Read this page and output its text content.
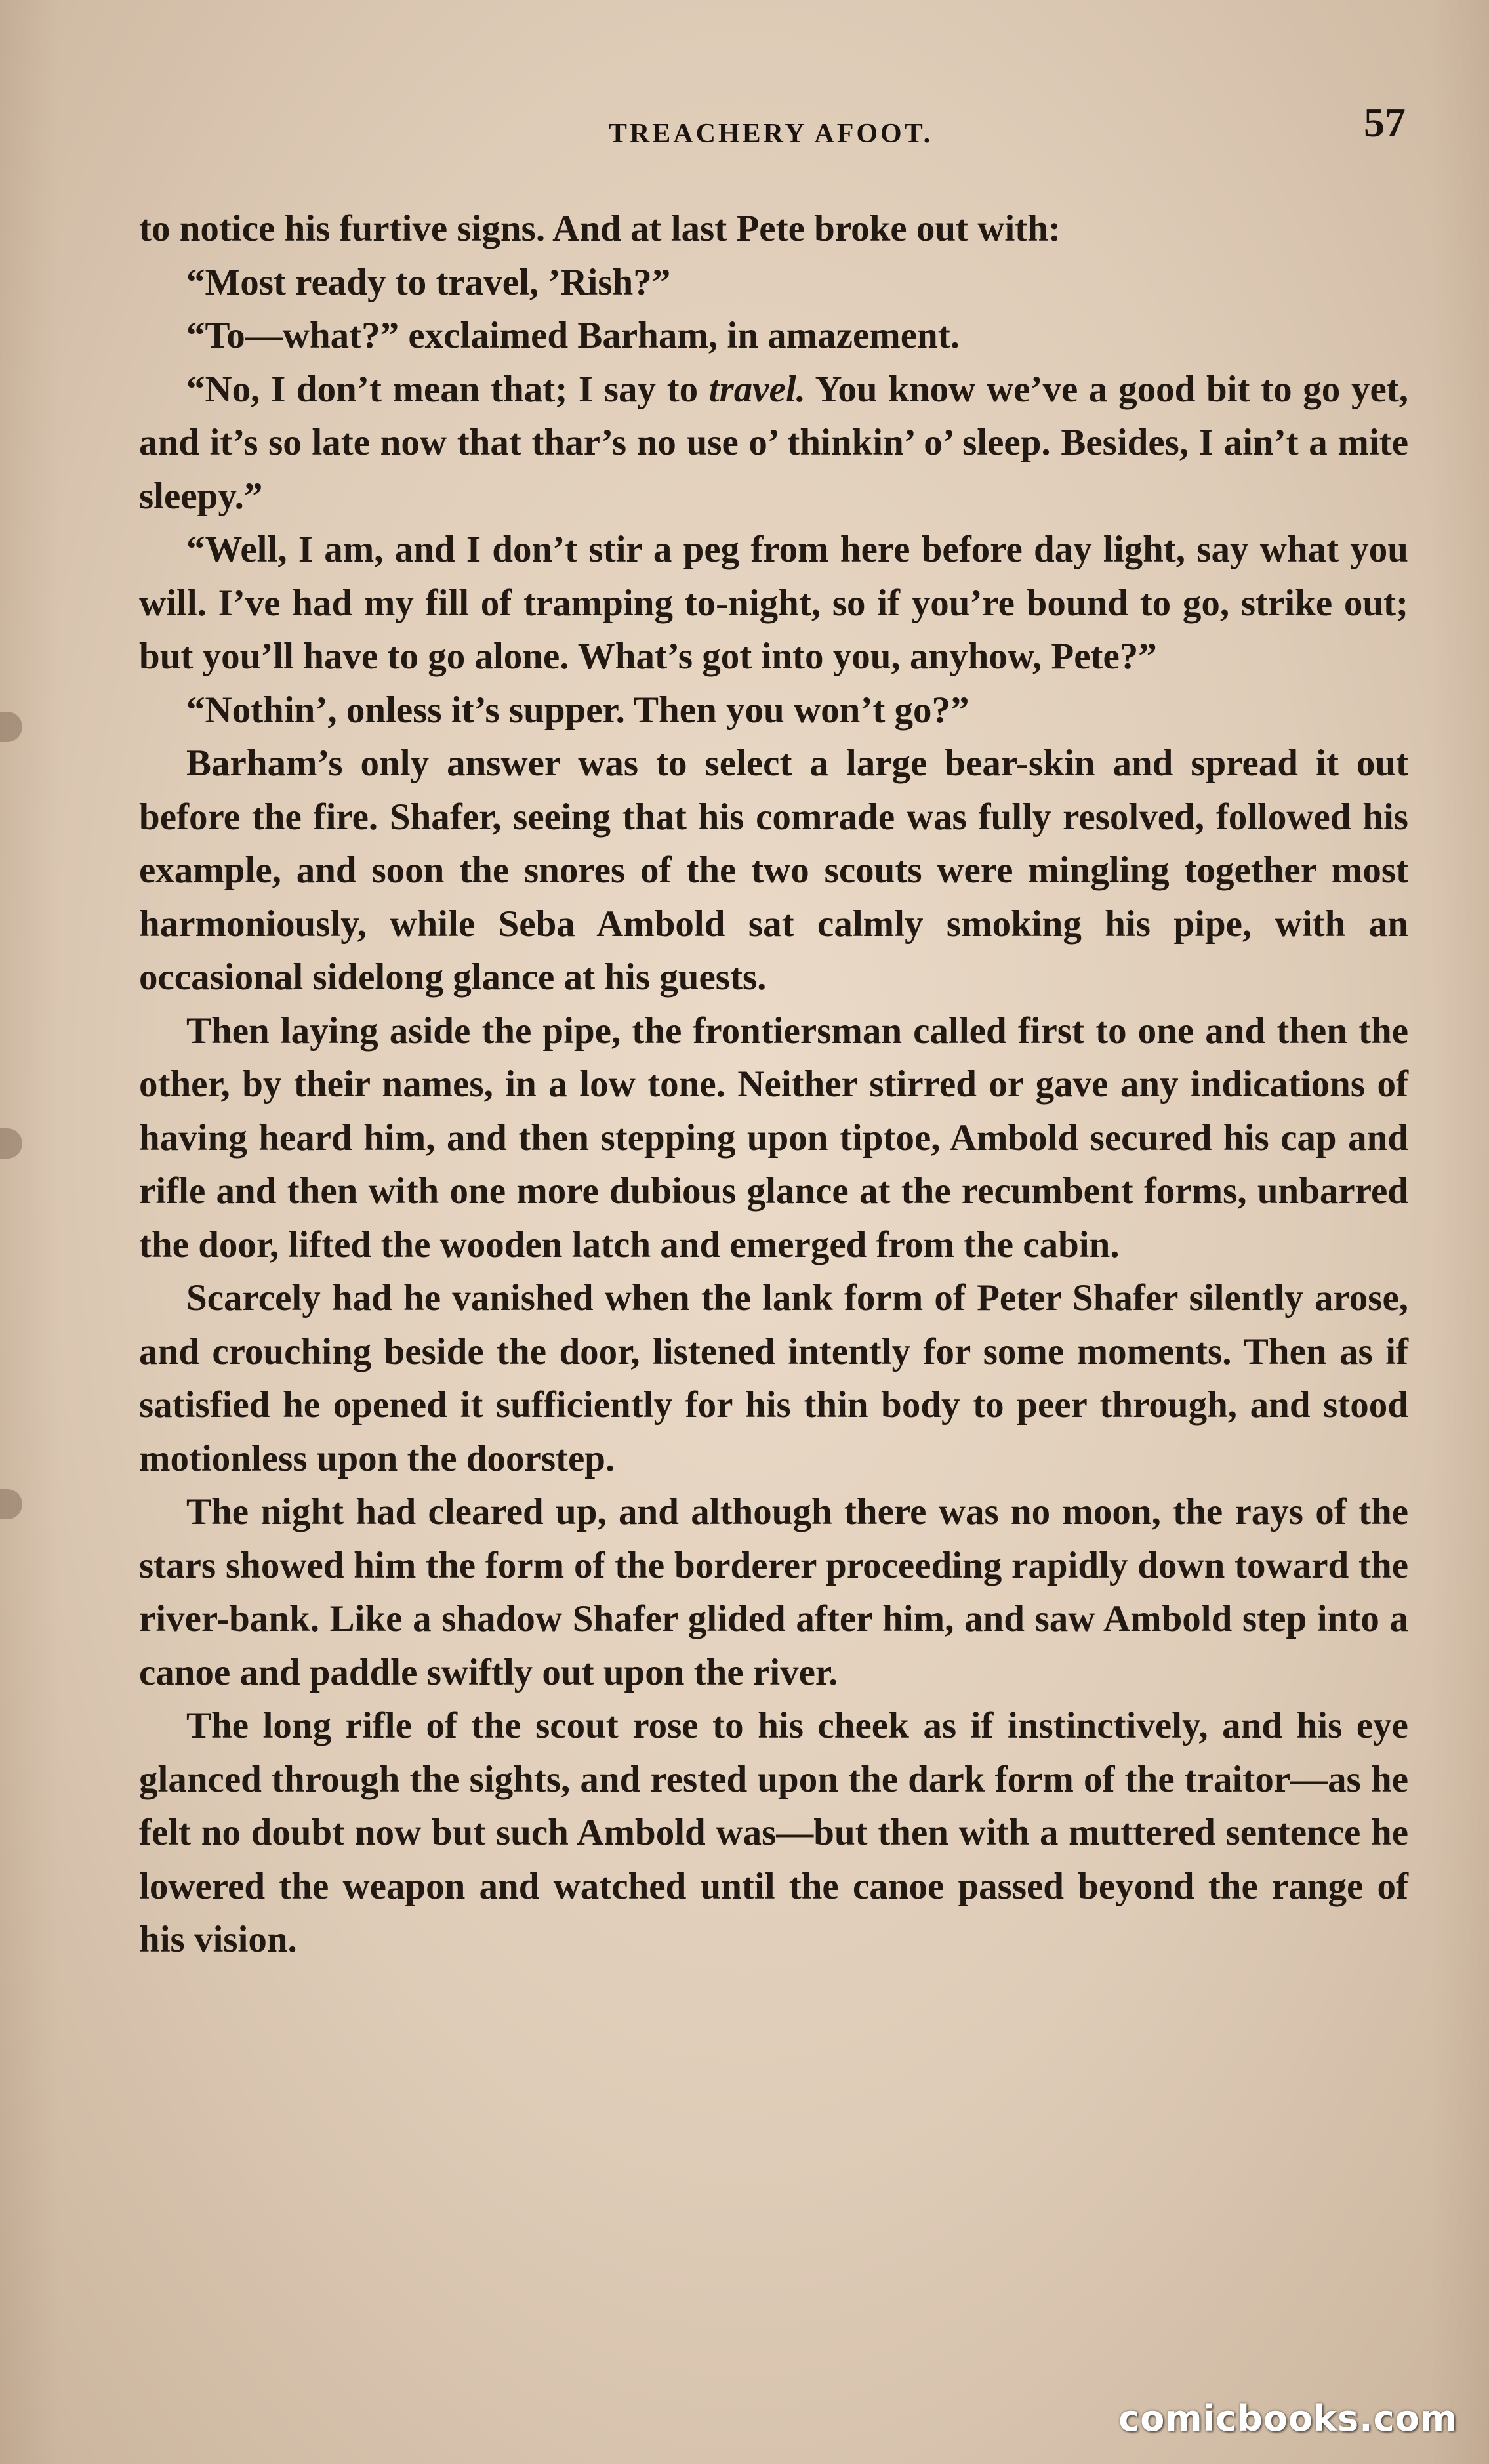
TREACHERY AFOOT.	57

to notice his furtive signs. And at last Pete broke out with:

“Most ready to travel, ’Rish?”

“To—what?” exclaimed Barham, in amazement.

“No, I don’t mean that; I say to travel. You know we’ve a good bit to go yet, and it’s so late now that thar’s no use o’ thinkin’ o’ sleep. Besides, I ain’t a mite sleepy.”

“Well, I am, and I don’t stir a peg from here before day light, say what you will. I’ve had my fill of tramping to-night, so if you’re bound to go, strike out; but you’ll have to go alone. What’s got into you, anyhow, Pete?”

“Nothin’, onless it’s supper. Then you won’t go?”

Barham’s only answer was to select a large bear-skin and spread it out before the fire. Shafer, seeing that his comrade was fully resolved, followed his example, and soon the snores of the two scouts were mingling together most harmoniously, while Seba Ambold sat calmly smoking his pipe, with an occasional sidelong glance at his guests.

Then laying aside the pipe, the frontiersman called first to one and then the other, by their names, in a low tone. Neither stirred or gave any indications of having heard him, and then stepping upon tiptoe, Ambold secured his cap and rifle and then with one more dubious glance at the recumbent forms, unbarred the door, lifted the wooden latch and emerged from the cabin.

Scarcely had he vanished when the lank form of Peter Shafer silently arose, and crouching beside the door, listened intently for some moments. Then as if satisfied he opened it sufficiently for his thin body to peer through, and stood motionless upon the doorstep.

The night had cleared up, and although there was no moon, the rays of the stars showed him the form of the borderer proceeding rapidly down toward the river-bank. Like a shadow Shafer glided after him, and saw Ambold step into a canoe and paddle swiftly out upon the river.

The long rifle of the scout rose to his cheek as if instinctively, and his eye glanced through the sights, and rested upon the dark form of the traitor—as he felt no doubt now but such Ambold was—but then with a muttered sentence he lowered the weapon and watched until the canoe passed beyond the range of his vision.

comicbooks.com
